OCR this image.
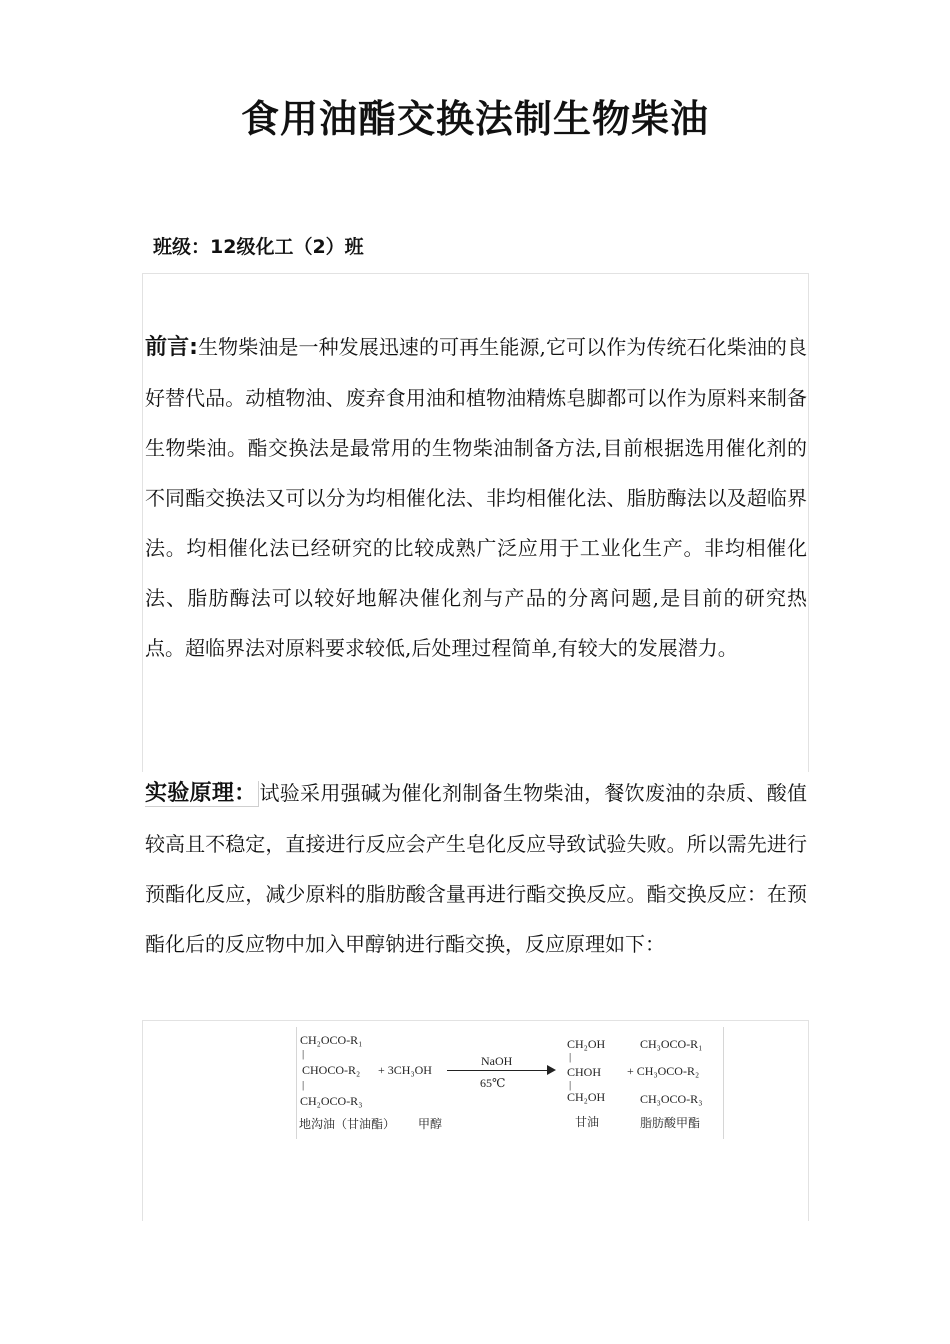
食用油酯交换法制生物柴油
班级：12级化工（2）班

前言:生物柴油是一种发展迅速的可再生能源,它可以作为传统石化柴油的良好替代品。动植物油、废弃食用油和植物油精炼皂脚都可以作为原料来制备生物柴油。酯交换法是最常用的生物柴油制备方法,目前根据选用催化剂的不同酯交换法又可以分为均相催化法、非均相催化法、脂肪酶法以及超临界法。均相催化法已经研究的比较成熟广泛应用于工业化生产。非均相催化法、脂肪酶法可以较好地解决催化剂与产品的分离问题,是目前的研究热点。超临界法对原料要求较低,后处理过程简单,有较大的发展潜力。

实验原理： 试验采用强碱为催化剂制备生物柴油，餐饮废油的杂质、酸值较高且不稳定，直接进行反应会产生皂化反应导致试验失败。所以需先进行预酯化反应，减少原料的脂肪酸含量再进行酯交换反应。酯交换反应：在预酯化后的反应物中加入甲醇钠进行酯交换，反应原理如下：

CH₂OCO-R₁
|
CHOCO-R₂ + 3CH₃OH
|
CH₂OCO-R₃
地沟油（甘油酯） 甲醇
NaOH
65℃
CH₂OH
|
CHOH
|
CH₂OH
甘油
CH₃OCO-R₁
+ CH₃OCO-R₂
CH₃OCO-R₃
脂肪酸甲酯
